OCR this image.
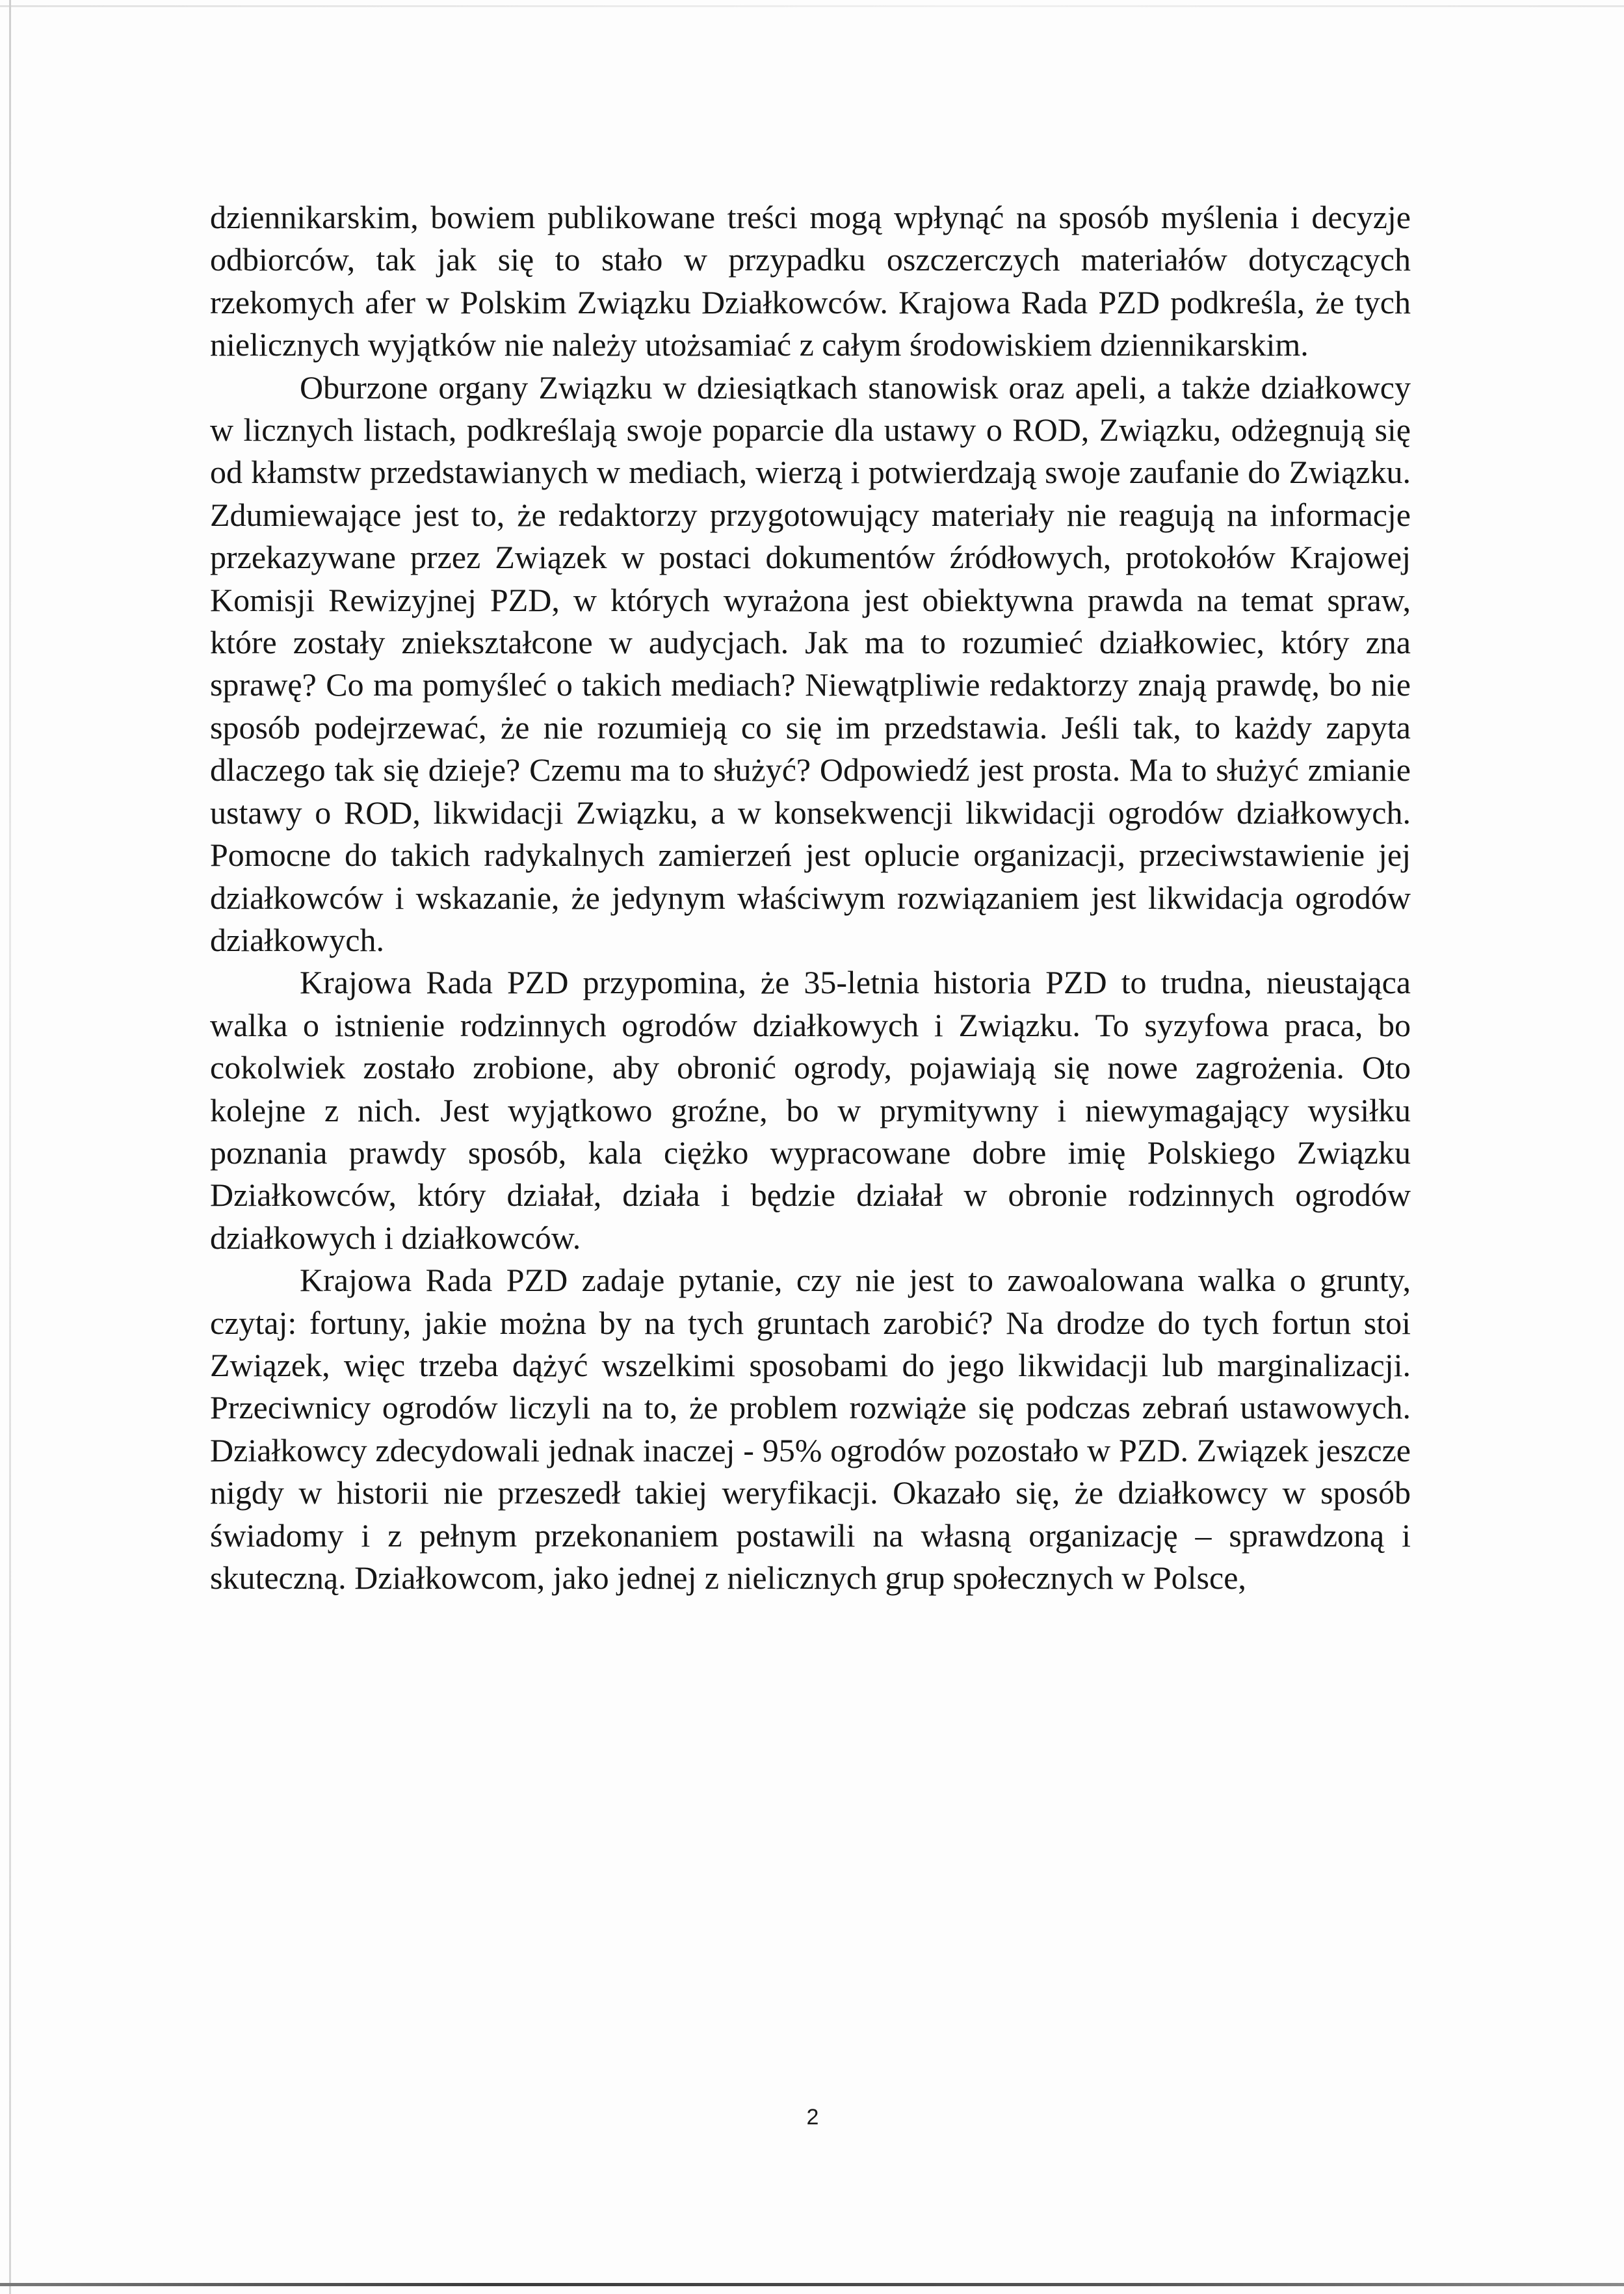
dziennikarskim, bowiem publikowane treści mogą wpłynąć na sposób myślenia i decyzje odbiorców, tak jak się to stało w przypadku oszczerczych materiałów dotyczących rzekomych afer w Polskim Związku Działkowców. Krajowa Rada PZD podkreśla, że tych nielicznych wyjątków nie należy utożsamiać z całym środowiskiem dziennikarskim.

Oburzone organy Związku w dziesiątkach stanowisk oraz apeli, a także działkowcy w licznych listach, podkreślają swoje poparcie dla ustawy o ROD, Związku, odżegnują się od kłamstw przedstawianych w mediach, wierzą i potwierdzają swoje zaufanie do Związku. Zdumiewające jest to, że redaktorzy przygotowujący materiały nie reagują na informacje przekazywane przez Związek w postaci dokumentów źródłowych, protokołów Krajowej Komisji Rewizyjnej PZD, w których wyrażona jest obiektywna prawda na temat spraw, które zostały zniekształcone w audycjach. Jak ma to rozumieć działkowiec, który zna sprawę? Co ma pomyśleć o takich mediach? Niewątpliwie redaktorzy znają prawdę, bo nie sposób podejrzewać, że nie rozumieją co się im przedstawia. Jeśli tak, to każdy zapyta dlaczego tak się dzieje? Czemu ma to służyć? Odpowiedź jest prosta. Ma to służyć zmianie ustawy o ROD, likwidacji Związku, a w konsekwencji likwidacji ogrodów działkowych. Pomocne do takich radykalnych zamierzeń jest oplucie organizacji, przeciwstawienie jej działkowców i wskazanie, że jedynym właściwym rozwiązaniem jest likwidacja ogrodów działkowych.

Krajowa Rada PZD przypomina, że 35-letnia historia PZD to trudna, nieustająca walka o istnienie rodzinnych ogrodów działkowych i Związku. To syzyfowa praca, bo cokolwiek zostało zrobione, aby obronić ogrody, pojawiają się nowe zagrożenia. Oto kolejne z nich. Jest wyjątkowo groźne, bo w prymitywny i niewymagający wysiłku poznania prawdy sposób, kala ciężko wypracowane dobre imię Polskiego Związku Działkowców, który działał, działa i będzie działał w obronie rodzinnych ogrodów działkowych i działkowców.

Krajowa Rada PZD zadaje pytanie, czy nie jest to zawoalowana walka o grunty, czytaj: fortuny, jakie można by na tych gruntach zarobić? Na drodze do tych fortun stoi Związek, więc trzeba dążyć wszelkimi sposobami do jego likwidacji lub marginalizacji. Przeciwnicy ogrodów liczyli na to, że problem rozwiąże się podczas zebrań ustawowych. Działkowcy zdecydowali jednak inaczej - 95% ogrodów pozostało w PZD. Związek jeszcze nigdy w historii nie przeszedł takiej weryfikacji. Okazało się, że działkowcy w sposób świadomy i z pełnym przekonaniem postawili na własną organizację – sprawdzoną i skuteczną. Działkowcom, jako jednej z nielicznych grup społecznych w Polsce,

2
